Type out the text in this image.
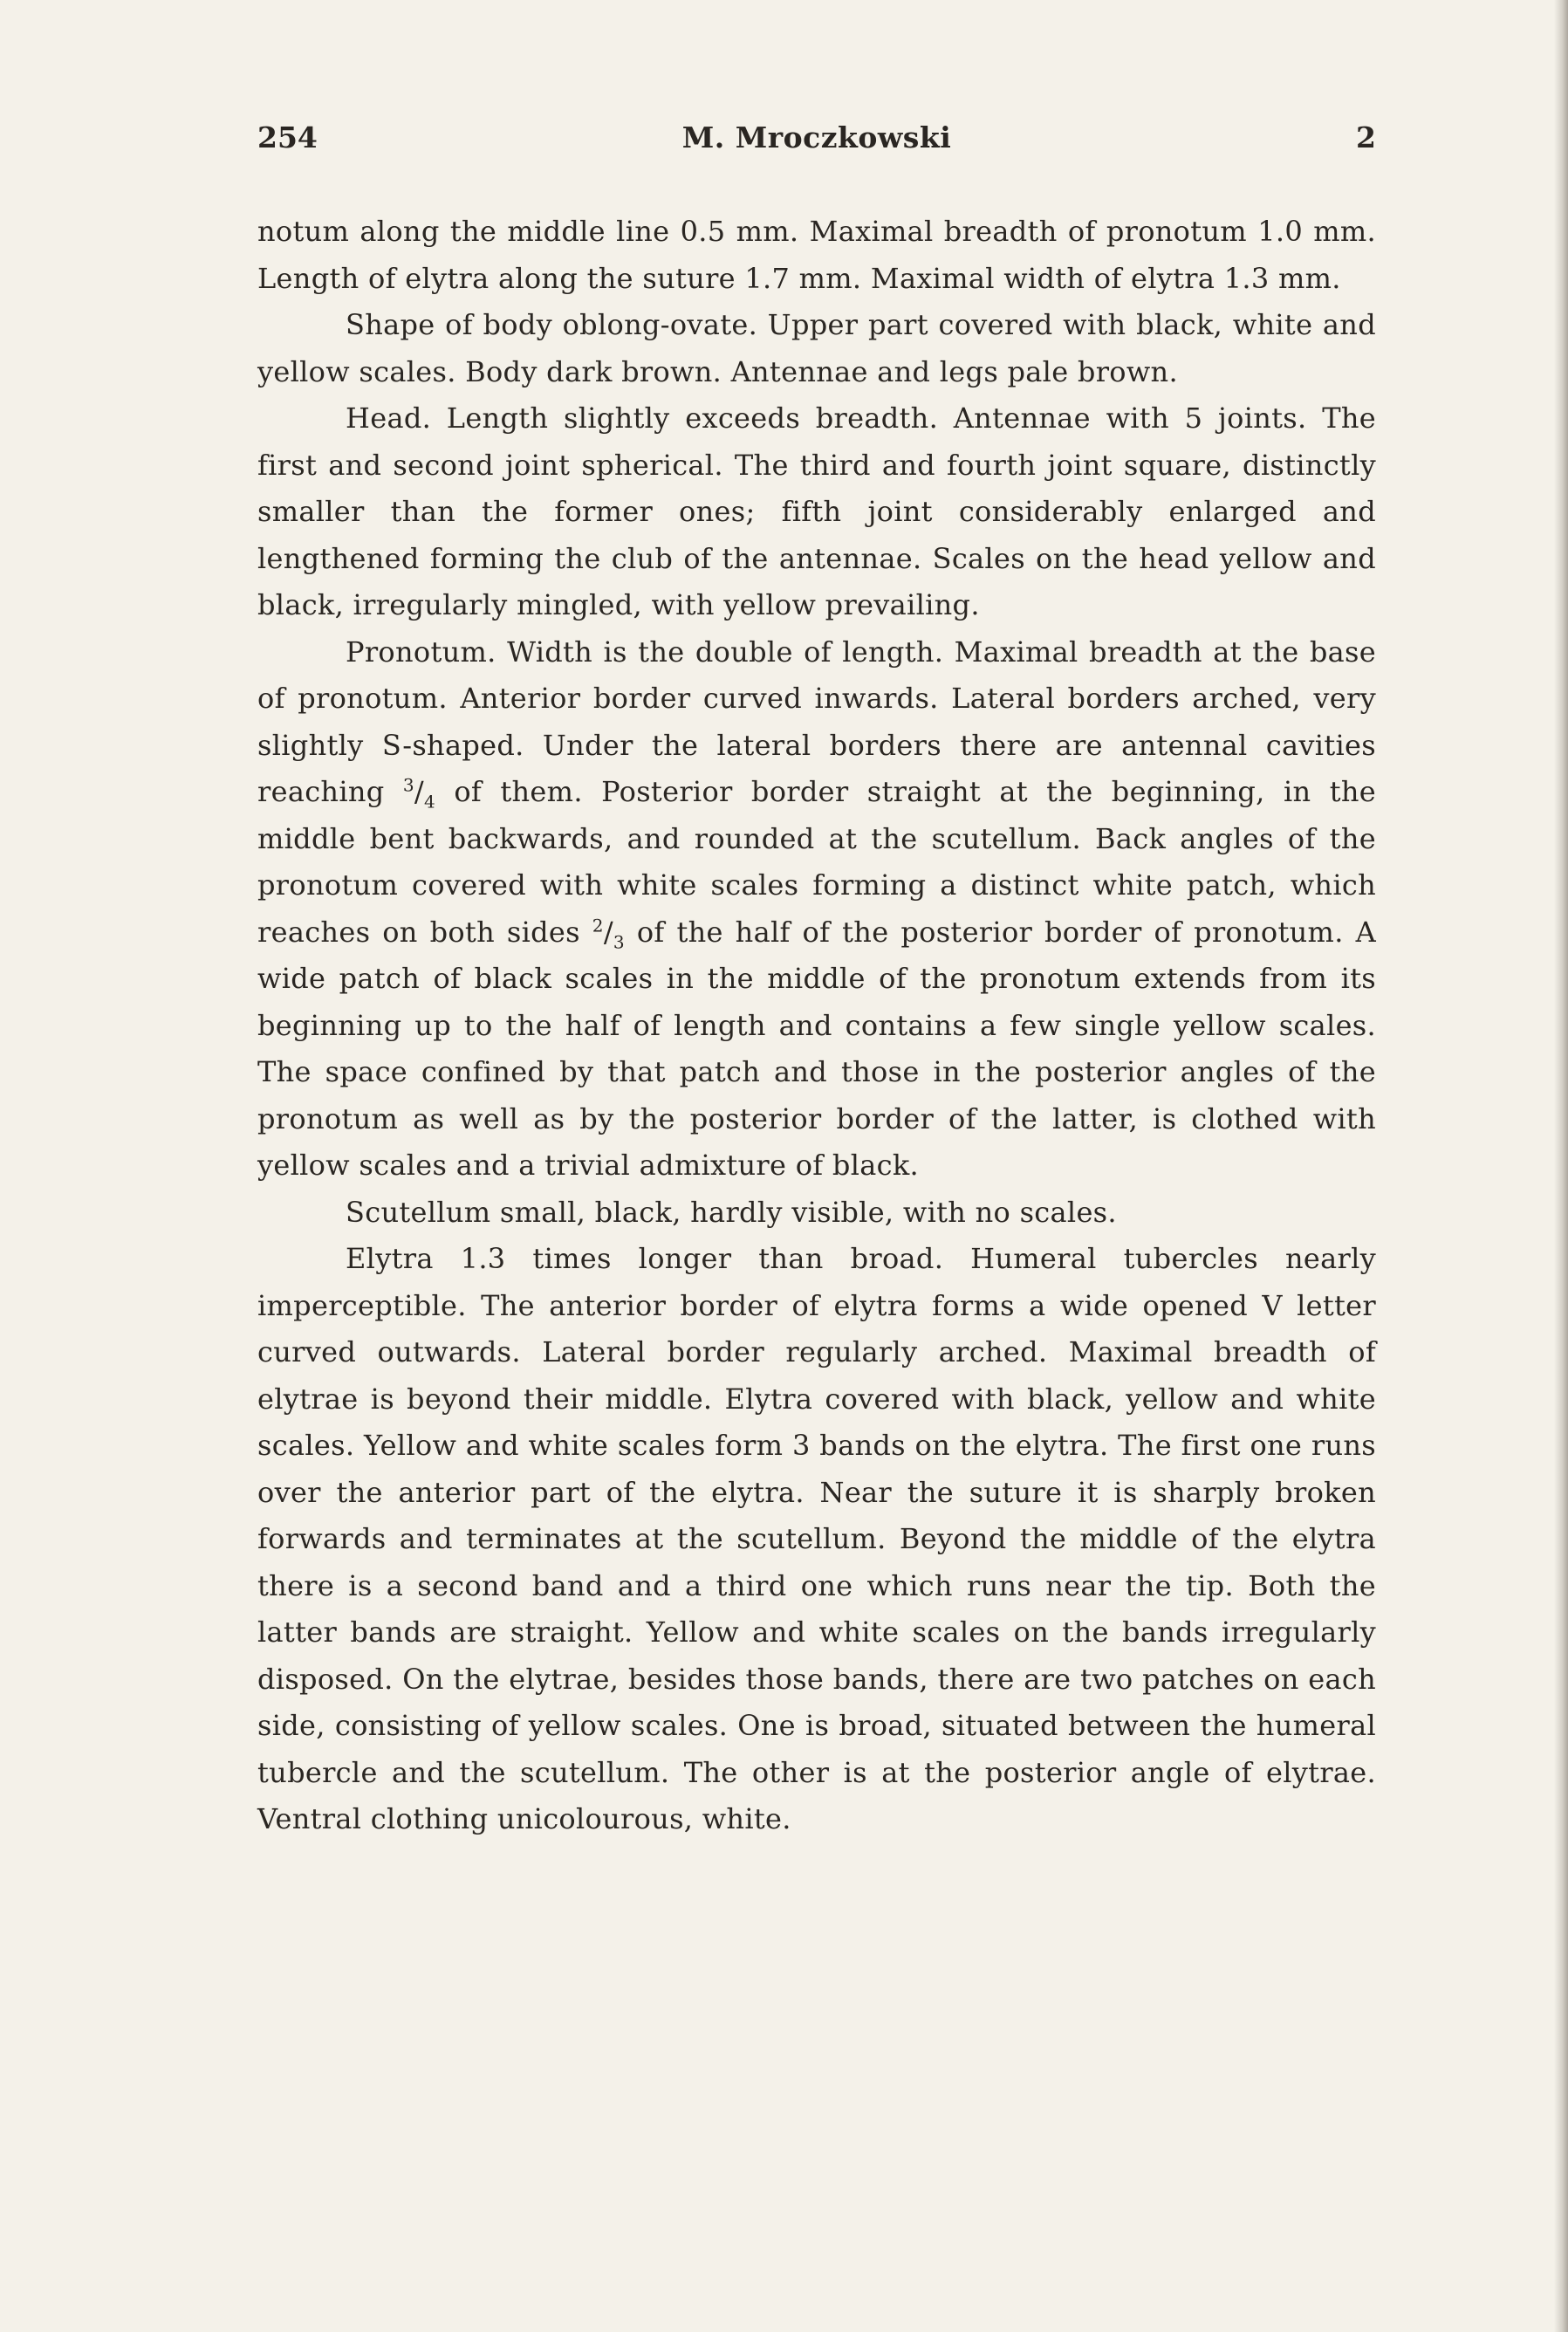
254	M. Mroczkowski	2

notum along the middle line 0.5 mm. Maximal breadth of pronotum 1.0 mm. Length of elytra along the suture 1.7 mm. Maximal width of elytra 1.3 mm.

Shape of body oblong-ovate. Upper part covered with black, white and yellow scales. Body dark brown. Antennae and legs pale brown.

Head. Length slightly exceeds breadth. Antennae with 5 joints. The first and second joint spherical. The third and fourth joint square, distinctly smaller than the former ones; fifth joint considerably enlarged and lengthened forming the club of the antennae. Scales on the head yellow and black, irregularly mingled, with yellow prevailing.

Pronotum. Width is the double of length. Maximal breadth at the base of pronotum. Anterior border curved inwards. Lateral borders arched, very slightly S-shaped. Under the lateral borders there are antennal cavities reaching $^3/_4$ of them. Posterior border straight at the beginning, in the middle bent backwards, and rounded at the scutellum. Back angles of the pronotum covered with white scales forming a distinct white patch, which reaches on both sides $^2/_3$ of the half of the posterior border of pronotum. A wide patch of black scales in the middle of the pronotum extends from its beginning up to the half of length and contains a few single yellow scales. The space confined by that patch and those in the posterior angles of the pronotum as well as by the posterior border of the latter, is clothed with yellow scales and a trivial admixture of black.

Scutellum small, black, hardly visible, with no scales.

Elytra 1.3 times longer than broad. Humeral tubercles nearly imperceptible. The anterior border of elytra forms a wide opened V letter curved outwards. Lateral border regularly arched. Maximal breadth of elytrae is beyond their middle. Elytra covered with black, yellow and white scales. Yellow and white scales form 3 bands on the elytra. The first one runs over the anterior part of the elytra. Near the suture it is sharply broken forwards and terminates at the scutellum. Beyond the middle of the elytra there is a second band and a third one which runs near the tip. Both the latter bands are straight. Yellow and white scales on the bands irregularly disposed. On the elytrae, besides those bands, there are two patches on each side, consisting of yellow scales. One is broad, situated between the humeral tubercle and the scutellum. The other is at the posterior angle of elytrae. Ventral clothing unicolourous, white.
